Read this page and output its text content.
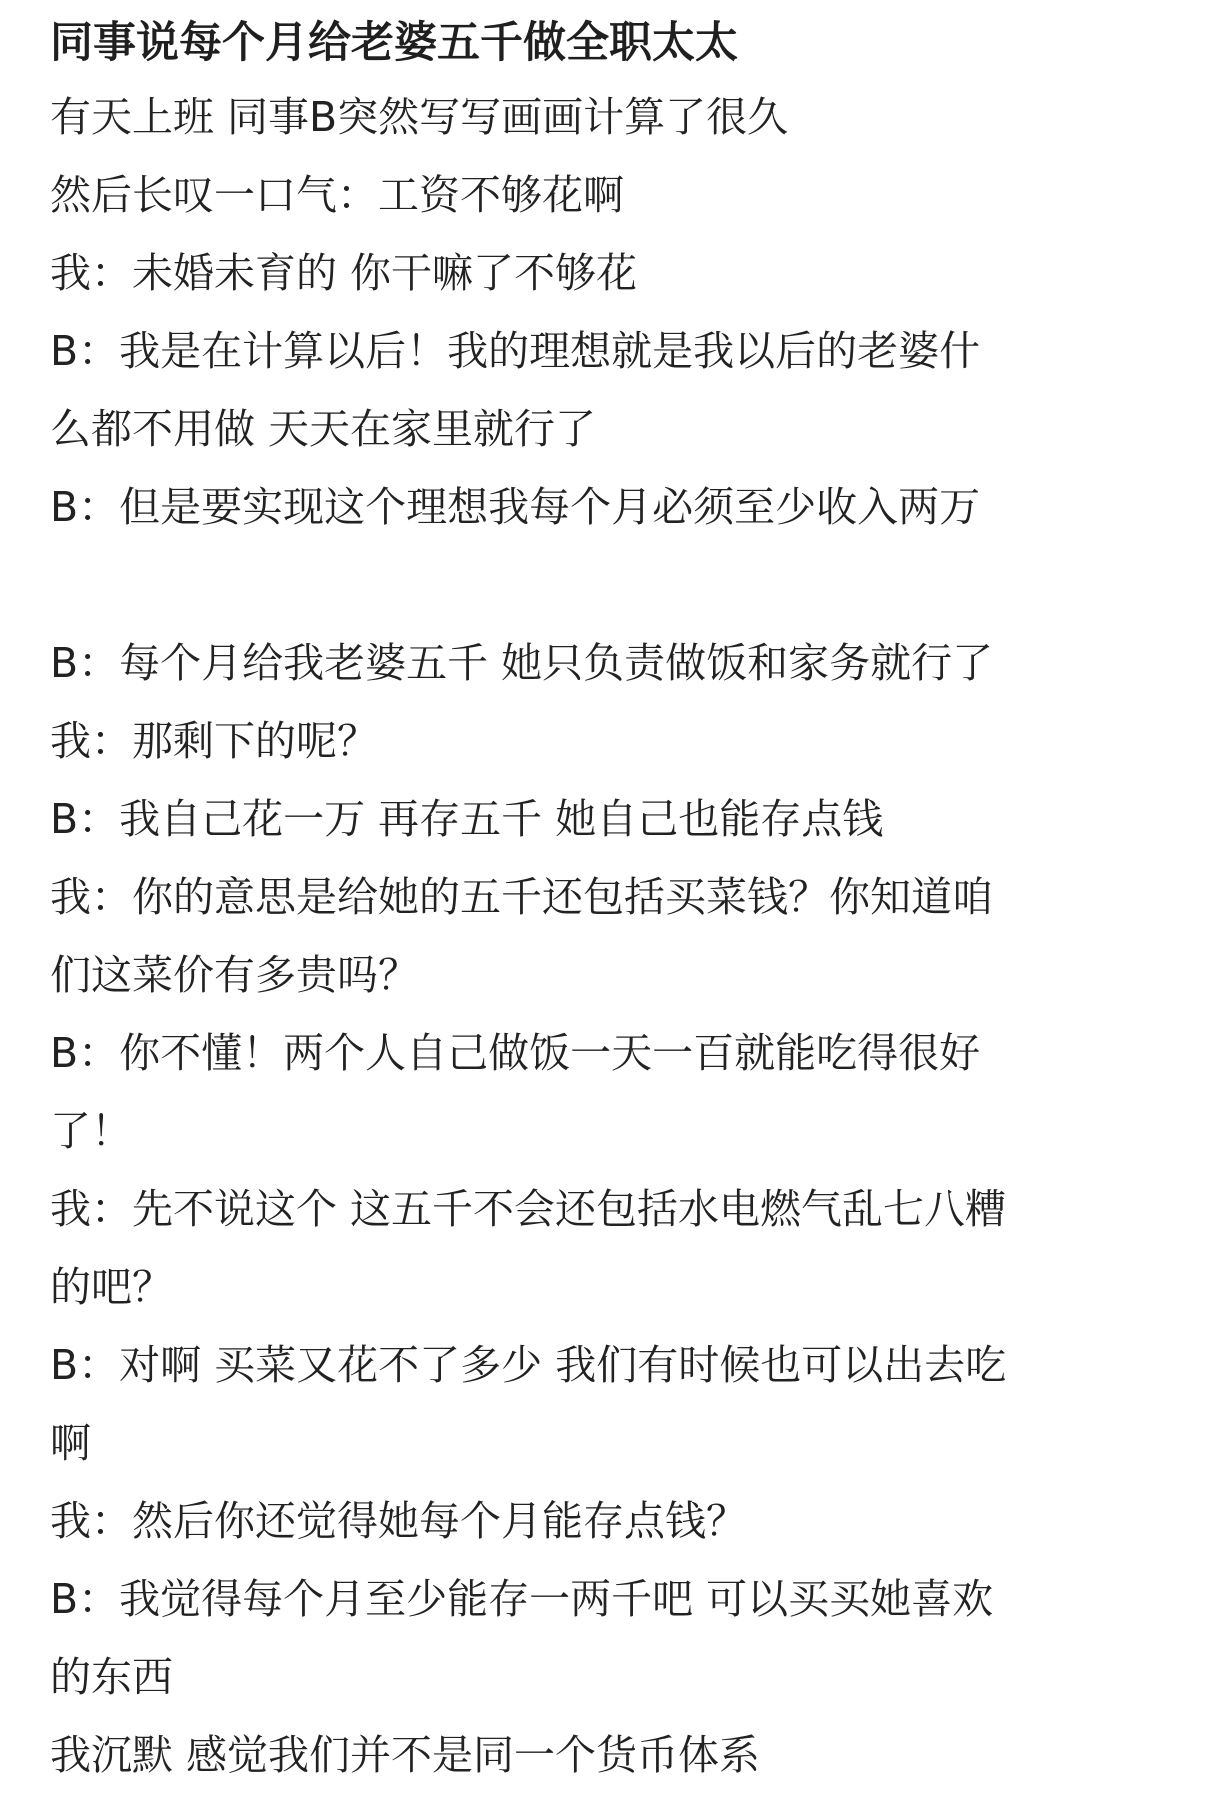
同事说每个月给老婆五千做全职太太
有天上班 同事B突然写写画画计算了很久
然后长叹一口气：工资不够花啊
我：未婚未育的 你干嘛了不够花
B：我是在计算以后！我的理想就是我以后的老婆什
么都不用做 天天在家里就行了
B：但是要实现这个理想我每个月必须至少收入两万
B：每个月给我老婆五千 她只负责做饭和家务就行了
我：那剩下的呢？
B：我自己花一万 再存五千 她自己也能存点钱
我：你的意思是给她的五千还包括买菜钱？你知道咱
们这菜价有多贵吗？
B：你不懂！两个人自己做饭一天一百就能吃得很好
了！
我：先不说这个 这五千不会还包括水电燃气乱七八糟
的吧？
B：对啊 买菜又花不了多少 我们有时候也可以出去吃
啊
我：然后你还觉得她每个月能存点钱？
B：我觉得每个月至少能存一两千吧 可以买买她喜欢
的东西
我沉默 感觉我们并不是同一个货币体系
